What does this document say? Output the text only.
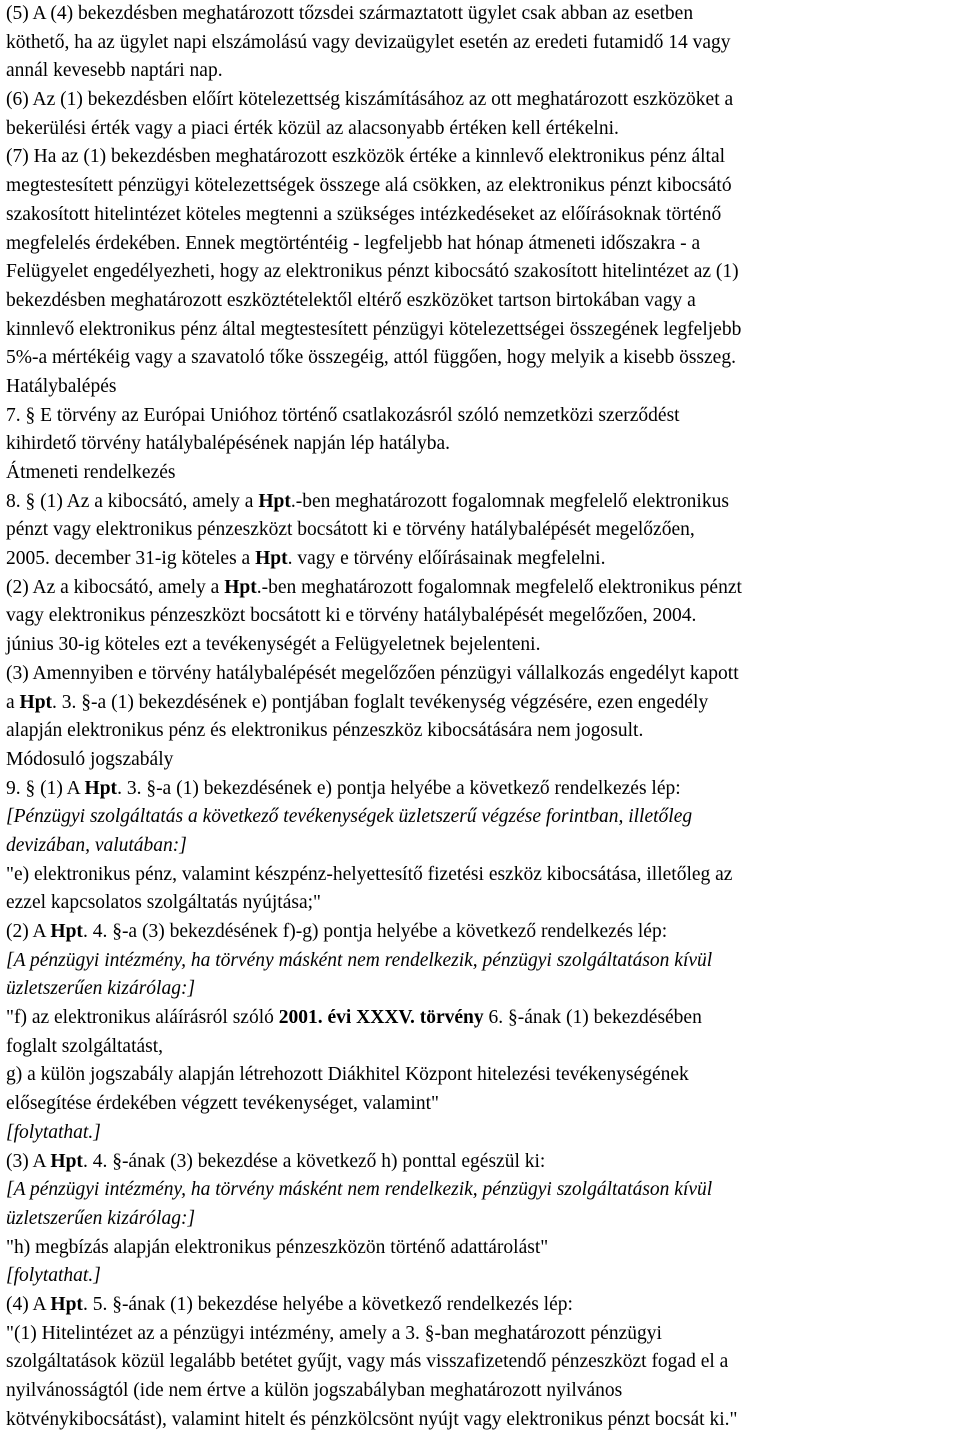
(5) A (4) bekezdésben meghatározott tőzsdei származtatott ügylet csak abban az esetben

köthető, ha az ügylet napi elszámolású vagy devizaügylet esetén az eredeti futamidő 14 vagy

annál kevesebb naptári nap.

(6) Az (1) bekezdésben előírt kötelezettség kiszámításához az ott meghatározott eszközöket a

bekerülési érték vagy a piaci érték közül az alacsonyabb értéken kell értékelni.

(7) Ha az (1) bekezdésben meghatározott eszközök értéke a kinnlevő elektronikus pénz által

megtestesített pénzügyi kötelezettségek összege alá csökken, az elektronikus pénzt kibocsátó

szakosított hitelintézet köteles megtenni a szükséges intézkedéseket az előírásoknak történő

megfelelés érdekében. Ennek megtörténtéig - legfeljebb hat hónap átmeneti időszakra - a

Felügyelet engedélyezheti, hogy az elektronikus pénzt kibocsátó szakosított hitelintézet az (1)

bekezdésben meghatározott eszköztételektől eltérő eszközöket tartson birtokában vagy a

kinnlevő elektronikus pénz által megtestesített pénzügyi kötelezettségei összegének legfeljebb

5%-a mértékéig vagy a szavatoló tőke összegéig, attól függően, hogy melyik a kisebb összeg.

Hatálybalépés

7. § E törvény az Európai Unióhoz történő csatlakozásról szóló nemzetközi szerződést

kihirdető törvény hatálybalépésének napján lép hatályba.

Átmeneti rendelkezés

8. § (1) Az a kibocsátó, amely a Hpt.-ben meghatározott fogalomnak megfelelő elektronikus

pénzt vagy elektronikus pénzeszközt bocsátott ki e törvény hatálybalépését megelőzően,

2005. december 31-ig köteles a Hpt. vagy e törvény előírásainak megfelelni.

(2) Az a kibocsátó, amely a Hpt.-ben meghatározott fogalomnak megfelelő elektronikus pénzt

vagy elektronikus pénzeszközt bocsátott ki e törvény hatálybalépését megelőzően, 2004.

június 30-ig köteles ezt a tevékenységét a Felügyeletnek bejelenteni.

(3) Amennyiben e törvény hatálybalépését megelőzően pénzügyi vállalkozás engedélyt kapott

a Hpt. 3. §-a (1) bekezdésének e) pontjában foglalt tevékenység végzésére, ezen engedély

alapján elektronikus pénz és elektronikus pénzeszköz kibocsátására nem jogosult.

Módosuló jogszabály

9. § (1) A Hpt. 3. §-a (1) bekezdésének e) pontja helyébe a következő rendelkezés lép:

[Pénzügyi szolgáltatás a következő tevékenységek üzletszerű végzése forintban, illetőleg

devizában, valutában:]

"e) elektronikus pénz, valamint készpénz-helyettesítő fizetési eszköz kibocsátása, illetőleg az

ezzel kapcsolatos szolgáltatás nyújtása;"

(2) A Hpt. 4. §-a (3) bekezdésének f)-g) pontja helyébe a következő rendelkezés lép:

[A pénzügyi intézmény, ha törvény másként nem rendelkezik, pénzügyi szolgáltatáson kívül

üzletszerűen kizárólag:]

"f) az elektronikus aláírásról szóló 2001. évi XXXV. törvény 6. §-ának (1) bekezdésében

foglalt szolgáltatást,

g) a külön jogszabály alapján létrehozott Diákhitel Központ hitelezési tevékenységének

elősegítése érdekében végzett tevékenységet, valamint"

[folytathat.]

(3) A Hpt. 4. §-ának (3) bekezdése a következő h) ponttal egészül ki:

[A pénzügyi intézmény, ha törvény másként nem rendelkezik, pénzügyi szolgáltatáson kívül

üzletszerűen kizárólag:]

"h) megbízás alapján elektronikus pénzeszközön történő adattárolást"

[folytathat.]

(4) A Hpt. 5. §-ának (1) bekezdése helyébe a következő rendelkezés lép:

"(1) Hitelintézet az a pénzügyi intézmény, amely a 3. §-ban meghatározott pénzügyi

szolgáltatások közül legalább betétet gyűjt, vagy más visszafizetendő pénzeszközt fogad el a

nyilvánosságtól (ide nem értve a külön jogszabályban meghatározott nyilvános

kötvénykibocsátást), valamint hitelt és pénzkölcsönt nyújt vagy elektronikus pénzt bocsát ki."
